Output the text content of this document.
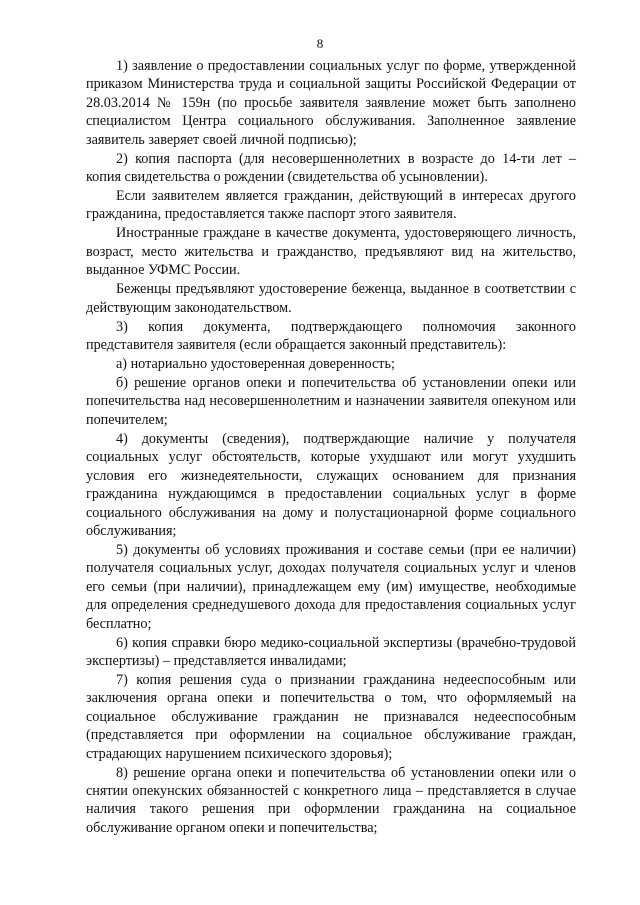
8

1) заявление о предоставлении социальных услуг по форме, утвержденной приказом Министерства труда и социальной защиты Российской Федерации от 28.03.2014 № 159н (по просьбе заявителя заявление может быть заполнено специалистом Центра социального обслуживания. Заполненное заявление заявитель заверяет своей личной подписью);

2) копия паспорта (для несовершеннолетних в возрасте до 14-ти лет – копия свидетельства о рождении (свидетельства об усыновлении).

Если заявителем является гражданин, действующий в интересах другого гражданина, предоставляется также паспорт этого заявителя.

Иностранные граждане в качестве документа, удостоверяющего личность, возраст, место жительства и гражданство, предъявляют вид на жительство, выданное УФМС России.

Беженцы предъявляют удостоверение беженца, выданное в соответствии с действующим законодательством.

3) копия документа, подтверждающего полномочия законного представителя заявителя (если обращается законный представитель):

а) нотариально удостоверенная доверенность;

б) решение органов опеки и попечительства об установлении опеки или попечительства над несовершеннолетним и назначении заявителя опекуном или попечителем;

4) документы (сведения), подтверждающие наличие у получателя социальных услуг обстоятельств, которые ухудшают или могут ухудшить условия его жизнедеятельности, служащих основанием для признания гражданина нуждающимся в предоставлении социальных услуг в форме социального обслуживания на дому и полустационарной форме социального обслуживания;

5) документы об условиях проживания и составе семьи (при ее наличии) получателя социальных услуг, доходах получателя социальных услуг и членов его семьи (при наличии), принадлежащем ему (им) имуществе, необходимые для определения среднедушевого дохода для предоставления социальных услуг бесплатно;

6) копия справки бюро медико-социальной экспертизы (врачебно-трудовой экспертизы) – представляется инвалидами;

7) копия решения суда о признании гражданина недееспособным или заключения органа опеки и попечительства о том, что оформляемый на социальное обслуживание гражданин не признавался недееспособным (представляется при оформлении на социальное обслуживание граждан, страдающих нарушением психического здоровья);

8) решение органа опеки и попечительства об установлении опеки или о снятии опекунских обязанностей с конкретного лица – представляется в случае наличия такого решения при оформлении гражданина на социальное обслуживание органом опеки и попечительства;
